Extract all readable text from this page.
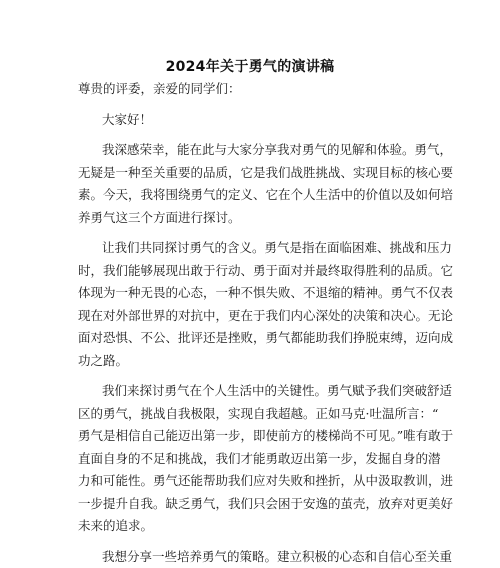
2024年关于勇气的演讲稿
尊贵的评委，亲爱的同学们：
大家好！
我深感荣幸，能在此与大家分享我对勇气的见解和体验。勇气，
无疑是一种至关重要的品质，它是我们战胜挑战、实现目标的核心要
素。今天，我将围绕勇气的定义、它在个人生活中的价值以及如何培
养勇气这三个方面进行探讨。
让我们共同探讨勇气的含义。勇气是指在面临困难、挑战和压力
时，我们能够展现出敢于行动、勇于面对并最终取得胜利的品质。它
体现为一种无畏的心态，一种不惧失败、不退缩的精神。勇气不仅表
现在对外部世界的对抗中，更在于我们内心深处的决策和决心。无论
面对恐惧、不公、批评还是挫败，勇气都能助我们挣脱束缚，迈向成
功之路。
我们来探讨勇气在个人生活中的关键性。勇气赋予我们突破舒适
区的勇气，挑战自我极限，实现自我超越。正如马克·吐温所言：“
勇气是相信自己能迈出第一步，即使前方的楼梯尚不可见。”唯有敢于
直面自身的不足和挑战，我们才能勇敢迈出第一步，发掘自身的潜
力和可能性。勇气还能帮助我们应对失败和挫折，从中汲取教训，进
一步提升自我。缺乏勇气，我们只会困于安逸的茧壳，放弃对更美好
未来的追求。
我想分享一些培养勇气的策略。建立积极的心态和自信心至关重
